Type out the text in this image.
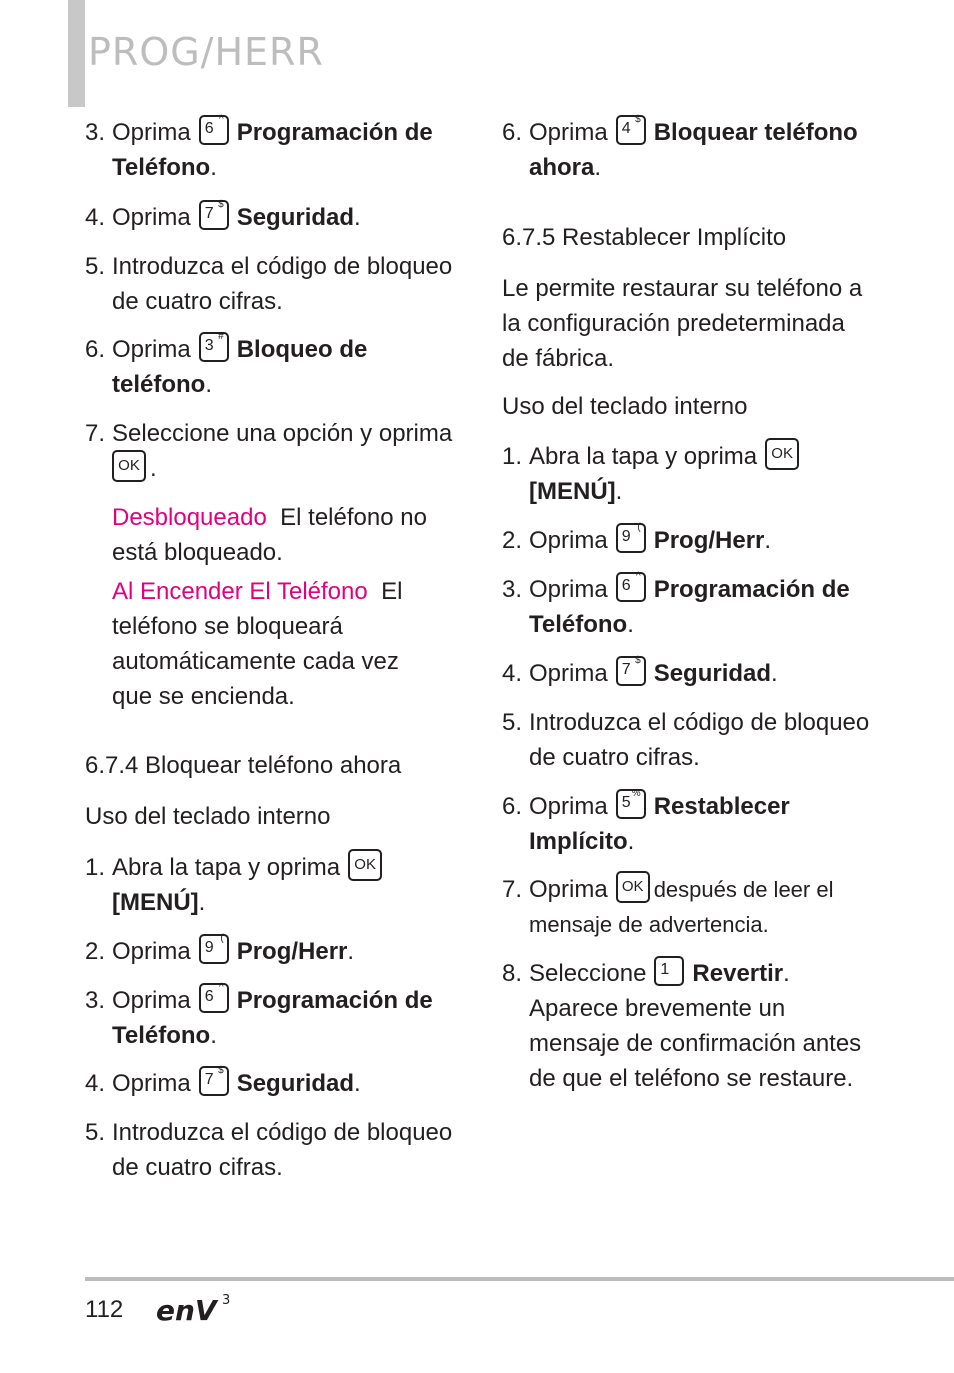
PROG/HERR
3. Oprima 6
^ Programación de Teléfono.
4. Oprima 7
$ Seguridad.
5. Introduzca el código de bloqueo de cuatro cifras.
6. Oprima 3
# Bloqueo de teléfono.
7. Seleccione una opción y oprima
OK .
Desbloqueado El teléfono no está bloqueado.
Al Encender El Teléfono El teléfono se bloqueará automáticamente cada vez que se encienda.
6.7.4 Bloquear teléfono ahora
Uso del teclado interno
1. Abra la tapa y oprima OK
[MENÚ].
2. Oprima 9
( Prog/Herr.
3. Oprima 6
^ Programación de Teléfono.
4. Oprima 7
$ Seguridad.
5. Introduzca el código de bloqueo de cuatro cifras.
6. Oprima 4
$ Bloquear teléfono ahora.
6.7.5 Restablecer Implícito
Le permite restaurar su teléfono a la configuración predeterminada de fábrica.
Uso del teclado interno
1. Abra la tapa y oprima OK
[MENÚ].
2. Oprima 9
( Prog/Herr.
3. Oprima 6
^ Programación de Teléfono.
4. Oprima 7
$ Seguridad.
5. Introduzca el código de bloqueo de cuatro cifras.
6. Oprima 5
% Restablecer Implícito.
7. Oprima OK después de leer el mensaje de advertencia.
8. Seleccione 1
' Revertir. Aparece brevemente un mensaje de confirmación antes de que el teléfono se restaure.
112 enV 3
